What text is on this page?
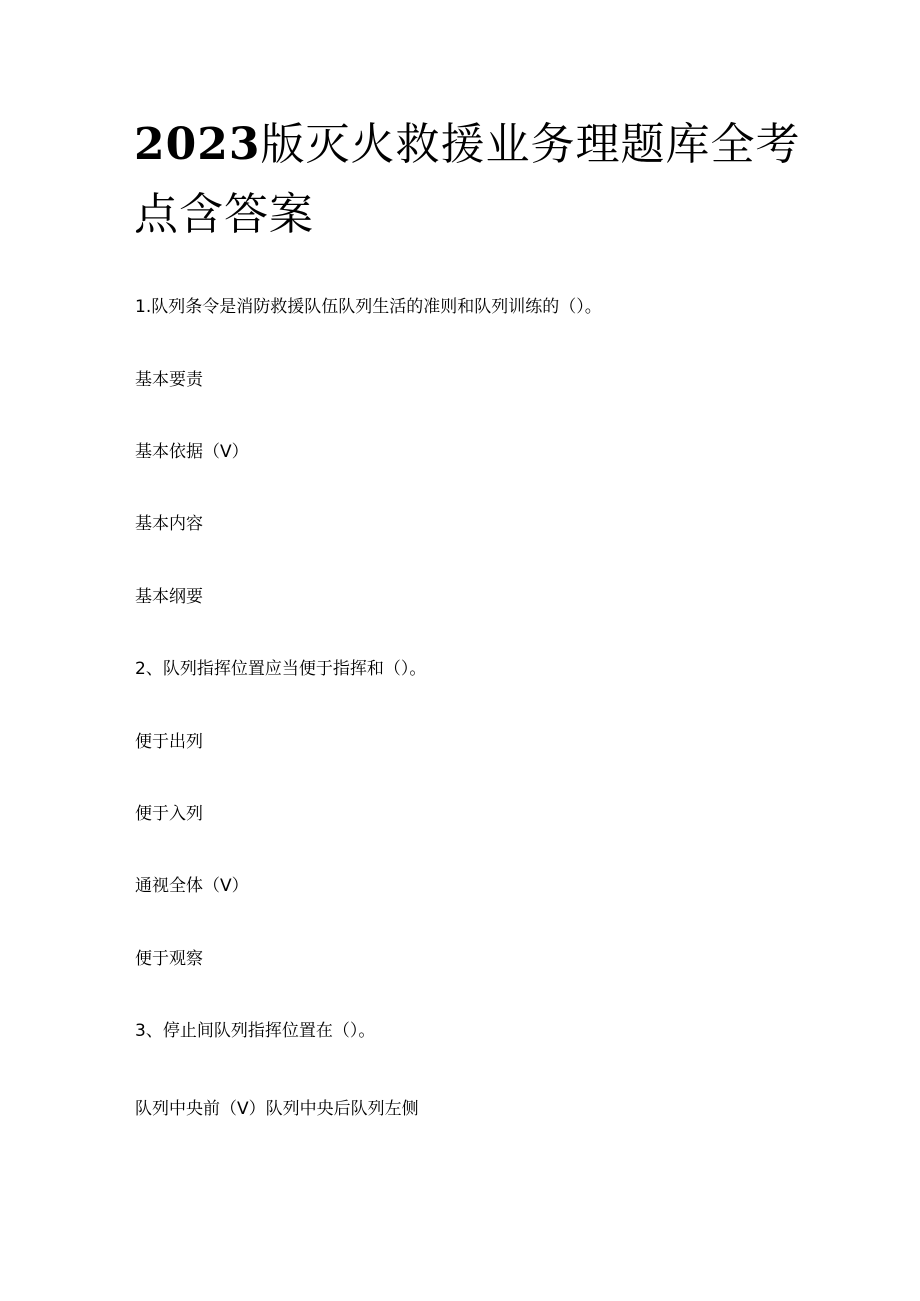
2023版灭火救援业务理题库全考点含答案

1.队列条令是消防救援队伍队列生活的准则和队列训练的（）。

基本要责

基本依据（V）

基本内容

基本纲要

2、队列指挥位置应当便于指挥和（）。

便于出列

便于入列

通视全体（V）

便于观察

3、停止间队列指挥位置在（）。

队列中央前（V）队列中央后队列左侧
